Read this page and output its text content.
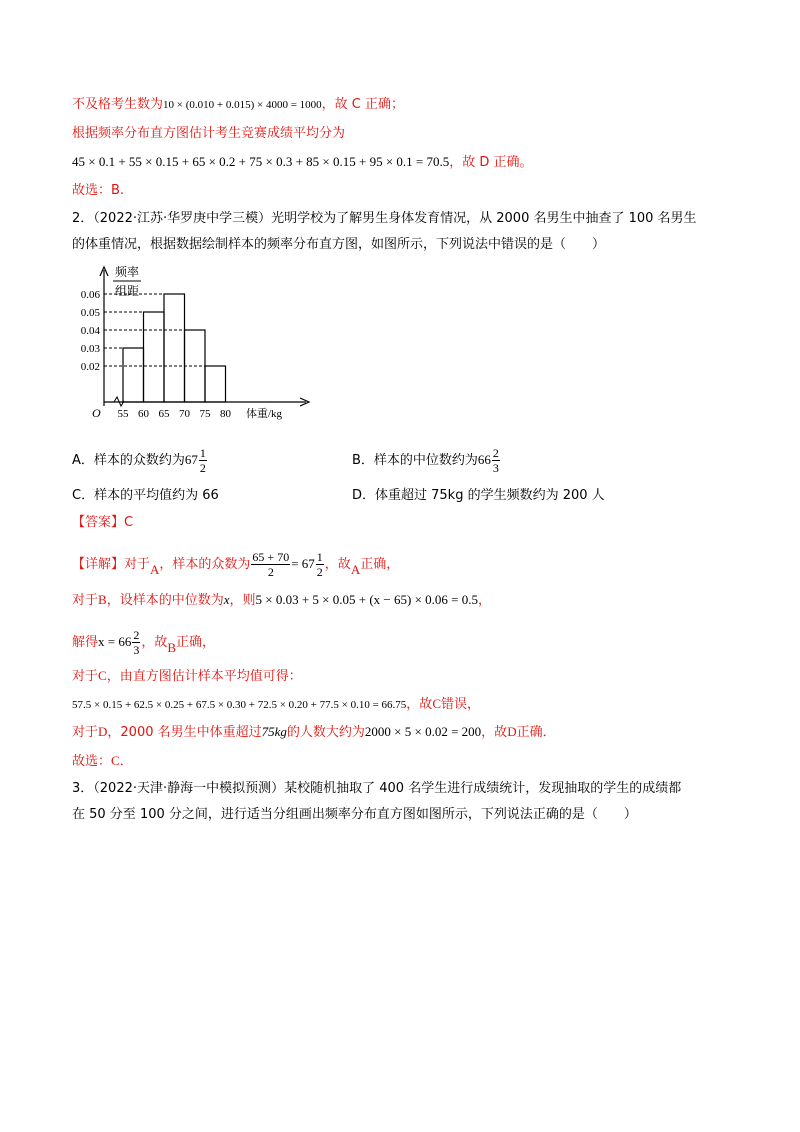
不及格考生数为10 × (0.010 + 0.015) × 4000 = 1000，故 C 正确；
根据频率分布直方图估计考生竞赛成绩平均分为
45 × 0.1 + 55 × 0.15 + 65 × 0.2 + 75 × 0.3 + 85 × 0.15 + 95 × 0.1 = 70.5，故 D 正确。
故选：B.
2．（2022·江苏·华罗庚中学三模）光明学校为了解男生身体发育情况，从 2000 名男生中抽查了 100 名男生
的体重情况，根据数据绘制样本的频率分布直方图，如图所示，下列说法中错误的是（　　）
频率
组距
0.02
0.03
0.04
0.05
0.06
55 60 65 70 75 80
O	体重/kg
A．样本的众数约为$67 \frac{1}{2}$	B．样本的中位数约为$66 \frac{2}{3}$
C．样本的平均值约为 66	D．体重超过 75kg 的学生频数约为 200 人
【答案】C
【详解】对于A，样本的众数为 $\frac{65 + 70}{2} = 67 \frac{1}{2}$ ，故A正确，
对于B，设样本的中位数为x，则5 × 0.03 + 5 × 0.05 + (x − 65) × 0.06 = 0.5，
解得$x = 66 \frac{2}{3}$ ，故B正确，
对于C，由直方图估计样本平均值可得：
57.5 × 0.15 + 62.5 × 0.25 + 67.5 × 0.30 + 72.5 × 0.20 + 77.5 × 0.10 = 66.75，故C错误，
对于D，2000 名男生中体重超过75kg的人数大约为2000 × 5 × 0.02 = 200，故D正确．
故选：C．
3．（2022·天津·静海一中模拟预测）某校随机抽取了 400 名学生进行成绩统计，发现抽取的学生的成绩都
在 50 分至 100 分之间，进行适当分组画出频率分布直方图如图所示，下列说法正确的是（　　）
